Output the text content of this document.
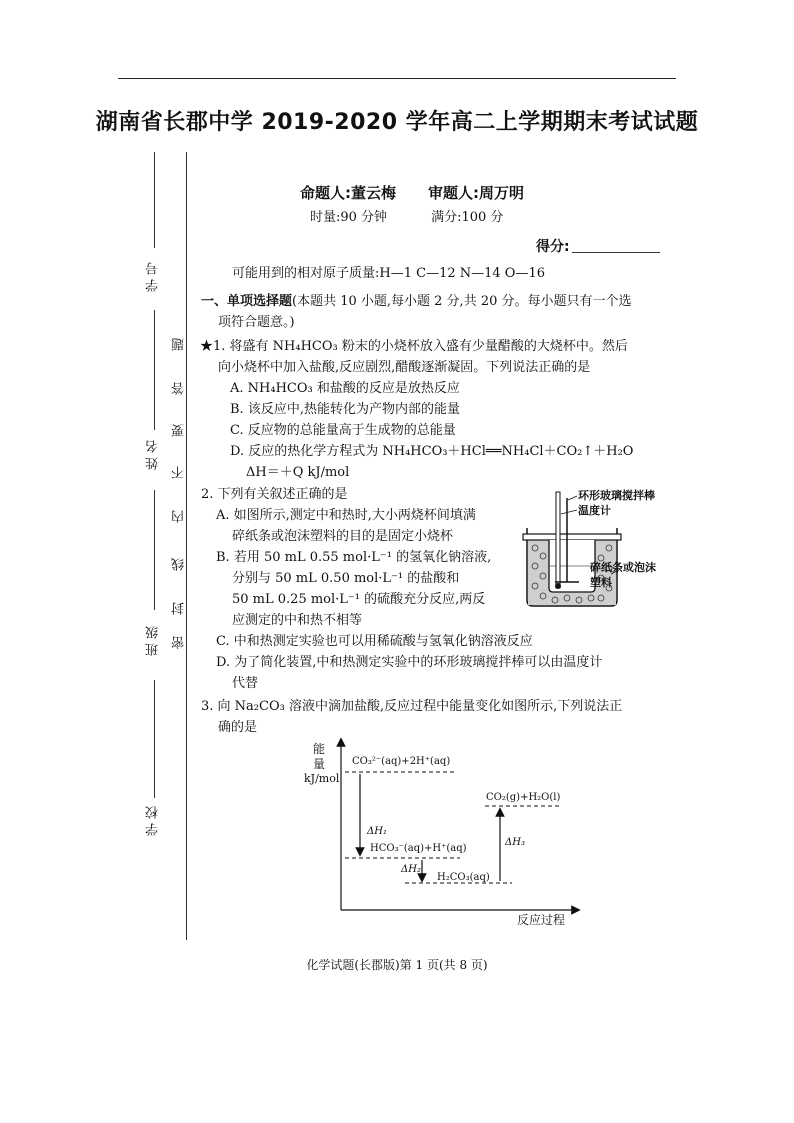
湖南省长郡中学 2019-2020 学年高二上学期期末考试试题
学 号
姓 名
班 级
学 校
题
答
要
不
内
线
封
密
命题人:董云梅 审题人:周万明
时量:90 分钟	满分:100 分
得分:
可能用到的相对原子质量:H—1 C—12 N—14 O—16
一、单项选择题(本题共 10 小题,每小题 2 分,共 20 分。每小题只有一个选
项符合题意。)
★1. 将盛有 NH₄HCO₃ 粉末的小烧杯放入盛有少量醋酸的大烧杯中。然后
向小烧杯中加入盐酸,反应剧烈,醋酸逐渐凝固。下列说法正确的是
A. NH₄HCO₃ 和盐酸的反应是放热反应
B. 该反应中,热能转化为产物内部的能量
C. 反应物的总能量高于生成物的总能量
D. 反应的热化学方程式为 NH₄HCO₃＋HCl══NH₄Cl＋CO₂↑＋H₂O
ΔH＝＋Q kJ/mol
2. 下列有关叙述正确的是
A. 如图所示,测定中和热时,大小两烧杯间填满
碎纸条或泡沫塑料的目的是固定小烧杯
B. 若用 50 mL 0.55 mol·L⁻¹ 的氢氧化钠溶液,
分别与 50 mL 0.50 mol·L⁻¹ 的盐酸和
50 mL 0.25 mol·L⁻¹ 的硫酸充分反应,两反
应测定的中和热不相等
C. 中和热测定实验也可以用稀硫酸与氢氧化钠溶液反应
D. 为了简化装置,中和热测定实验中的环形玻璃搅拌棒可以由温度计
代替
环形玻璃搅拌棒
温度计
碎纸条或泡沫
塑料
3. 向 Na₂CO₃ 溶液中滴加盐酸,反应过程中能量变化如图所示,下列说法正
确的是
能
量
kJ/mol
反应过程
CO₃²⁻(aq)+2H⁺(aq)
HCO₃⁻(aq)+H⁺(aq)
H₂CO₃(aq)
CO₂(g)+H₂O(l)
ΔH₁
ΔH₂
ΔH₃
化学试题(长郡版)第 1 页(共 8 页)
